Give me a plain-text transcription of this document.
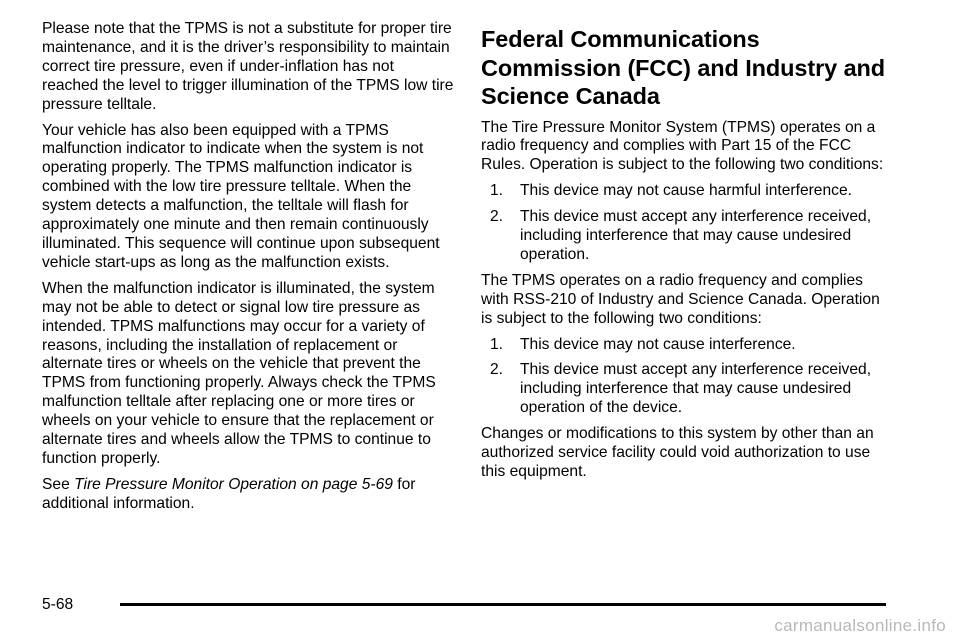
Please note that the TPMS is not a substitute for proper tire maintenance, and it is the driver’s responsibility to maintain correct tire pressure, even if under-inflation has not reached the level to trigger illumination of the TPMS low tire pressure telltale.

Your vehicle has also been equipped with a TPMS malfunction indicator to indicate when the system is not operating properly. The TPMS malfunction indicator is combined with the low tire pressure telltale. When the system detects a malfunction, the telltale will flash for approximately one minute and then remain continuously illuminated. This sequence will continue upon subsequent vehicle start-ups as long as the malfunction exists.

When the malfunction indicator is illuminated, the system may not be able to detect or signal low tire pressure as intended. TPMS malfunctions may occur for a variety of reasons, including the installation of replacement or alternate tires or wheels on the vehicle that prevent the TPMS from functioning properly. Always check the TPMS malfunction telltale after replacing one or more tires or wheels on your vehicle to ensure that the replacement or alternate tires and wheels allow the TPMS to continue to function properly.

See Tire Pressure Monitor Operation on page 5-69 for additional information.

Federal Communications Commission (FCC) and Industry and Science Canada

The Tire Pressure Monitor System (TPMS) operates on a radio frequency and complies with Part 15 of the FCC Rules. Operation is subject to the following two conditions:

1.	This device may not cause harmful interference.
2.	This device must accept any interference received, including interference that may cause undesired operation.

The TPMS operates on a radio frequency and complies with RSS-210 of Industry and Science Canada. Operation is subject to the following two conditions:

1.	This device may not cause interference.
2.	This device must accept any interference received, including interference that may cause undesired operation of the device.

Changes or modifications to this system by other than an authorized service facility could void authorization to use this equipment.

5-68
carmanualsonline.info
